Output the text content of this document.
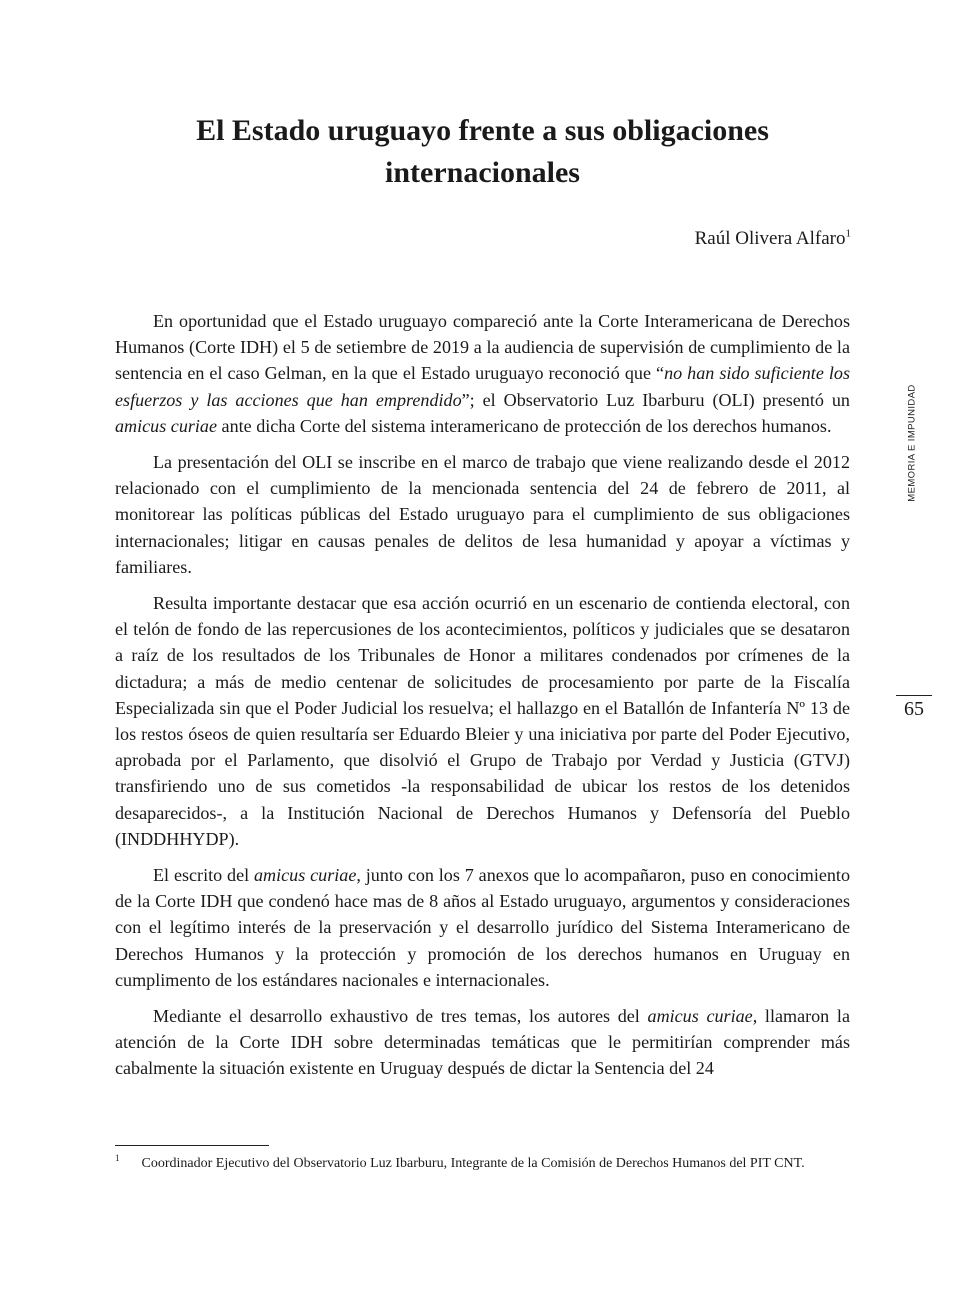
El Estado uruguayo frente a sus obligaciones
internacionales
Raúl Olivera Alfaro$^1$

En oportunidad que el Estado uruguayo compareció ante la Corte Interamericana de Derechos Humanos (Corte IDH) el 5 de setiembre de 2019 a la audiencia de supervisión de cumplimiento de la sentencia en el caso Gelman, en la que el Estado uruguayo reconoció que “no han sido suficiente los esfuerzos y las acciones que han emprendido”; el Observatorio Luz Ibarburu (OLI) presentó un amicus curiae ante dicha Corte del sistema interamericano de protección de los derechos humanos.

La presentación del OLI se inscribe en el marco de trabajo que viene realizando desde el 2012 relacionado con el cumplimiento de la mencionada sentencia del 24 de febrero de 2011, al monitorear las políticas públicas del Estado uruguayo para el cumplimiento de sus obligaciones internacionales; litigar en causas penales de delitos de lesa humanidad y apoyar a víctimas y familiares.

Resulta importante destacar que esa acción ocurrió en un escenario de contienda electoral, con el telón de fondo de las repercusiones de los acontecimientos, políticos y judiciales que se desataron a raíz de los resultados de los Tribunales de Honor a militares condenados por crímenes de la dictadura; a más de medio centenar de solicitudes de procesamiento por parte de la Fiscalía Especializada sin que el Poder Judicial los resuelva; el hallazgo en el Batallón de Infantería Nº 13 de los restos óseos de quien resultaría ser Eduardo Bleier y una iniciativa por parte del Poder Ejecutivo, aprobada por el Parlamento, que disolvió el Grupo de Trabajo por Verdad y Justicia (GTVJ) transfiriendo uno de sus cometidos -la responsabilidad de ubicar los restos de los detenidos desaparecidos-, a la Institución Nacional de Derechos Humanos y Defensoría del Pueblo (INDDHHYDP).

El escrito del amicus curiae, junto con los 7 anexos que lo acompañaron, puso en conocimiento de la Corte IDH que condenó hace mas de 8 años al Estado uruguayo, argumentos y consideraciones con el legítimo interés de la preservación y el desarrollo jurídico del Sistema Interamericano de Derechos Humanos y la protección y promoción de los derechos humanos en Uruguay en cumplimento de los estándares nacionales e internacionales.

Mediante el desarrollo exhaustivo de tres temas, los autores del amicus curiae, llamaron la atención de la Corte IDH sobre determinadas temáticas que le permitirían comprender más cabalmente la situación existente en Uruguay después de dictar la Sentencia del 24

MEMORIA E IMPUNIDAD
65
$^1$ Coordinador Ejecutivo del Observatorio Luz Ibarburu, Integrante de la Comisión de Derechos Humanos del PIT CNT.
